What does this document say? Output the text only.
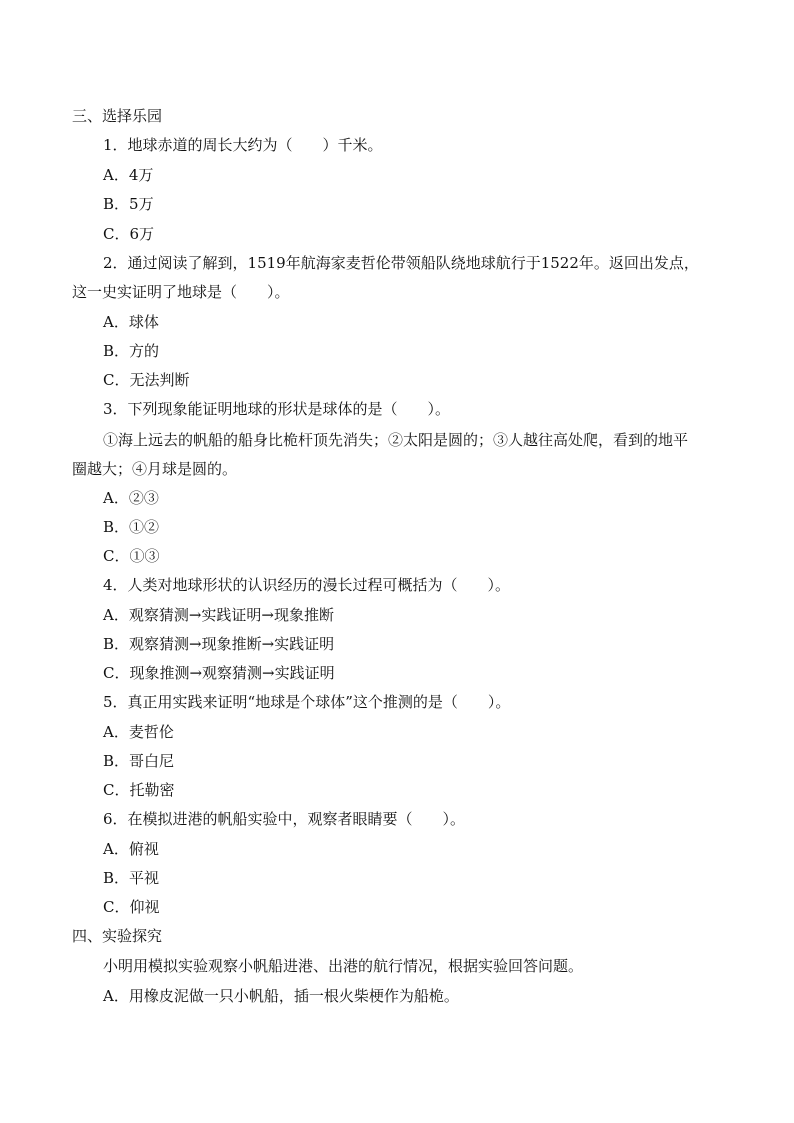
三、选择乐园
1．地球赤道的周长大约为（　　）千米。
A．4万
B．5万
C．6万
2．通过阅读了解到，1519年航海家麦哲伦带领船队绕地球航行于1522年。返回出发点，
这一史实证明了地球是（　　）。
A．球体
B．方的
C．无法判断
3．下列现象能证明地球的形状是球体的是（　　）。
①海上远去的帆船的船身比桅杆顶先消失；②太阳是圆的；③人越往高处爬，看到的地平
圈越大；④月球是圆的。
A．②③
B．①②
C．①③
4．人类对地球形状的认识经历的漫长过程可概括为（　　）。
A．观察猜测→实践证明→现象推断
B．观察猜测→现象推断→实践证明
C．现象推测→观察猜测→实践证明
5．真正用实践来证明“地球是个球体”这个推测的是（　　）。
A．麦哲伦
B．哥白尼
C．托勒密
6．在模拟进港的帆船实验中，观察者眼睛要（　　）。
A．俯视
B．平视
C．仰视
四、实验探究
小明用模拟实验观察小帆船进港、出港的航行情况，根据实验回答问题。
A．用橡皮泥做一只小帆船，插一根火柴梗作为船桅。
